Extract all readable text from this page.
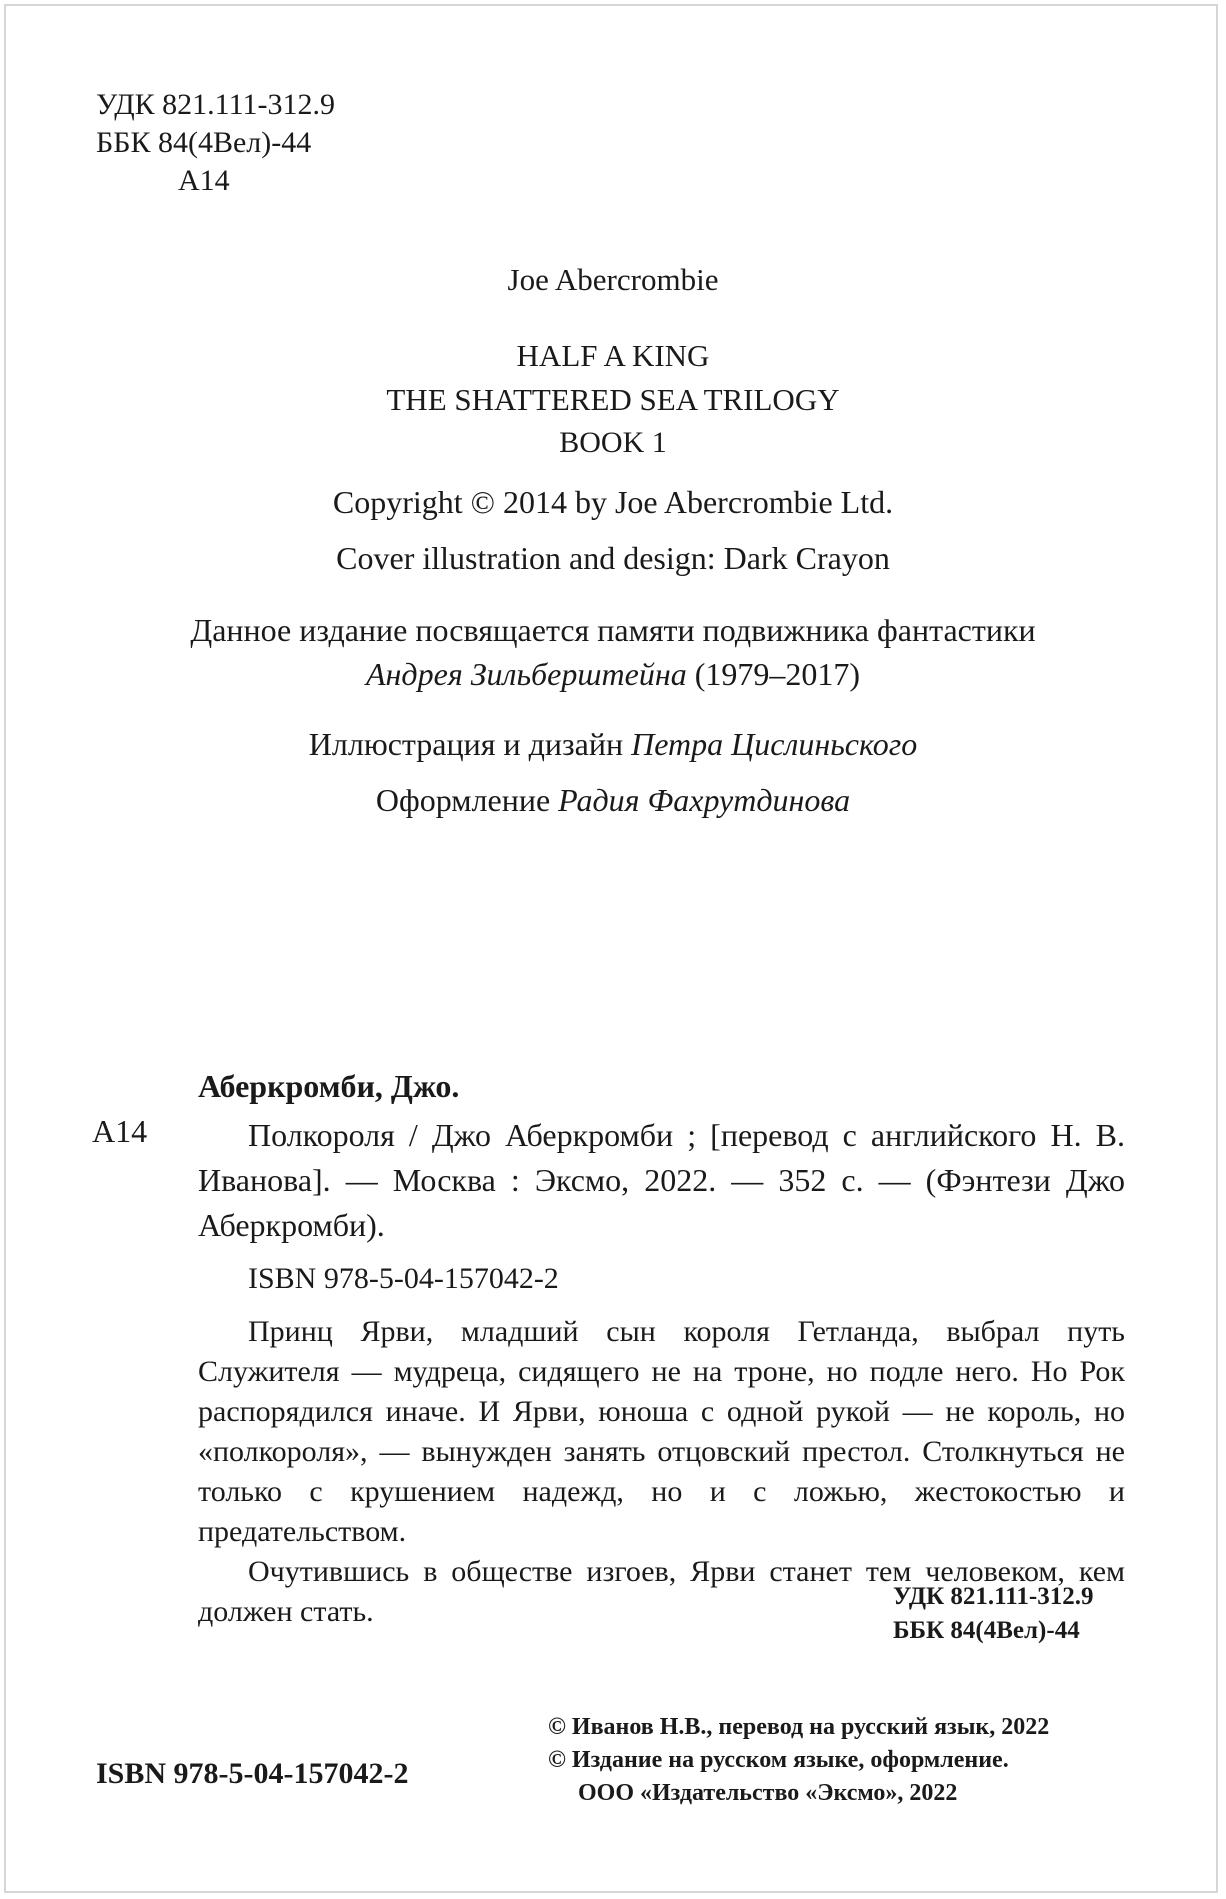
УДК 821.111-312.9
ББК 84(4Вел)-44
А14
Joe Abercrombie
HALF A KING
THE SHATTERED SEA TRILOGY
BOOK 1
Copyright © 2014 by Joe Abercrombie Ltd.
Cover illustration and design: Dark Crayon
Данное издание посвящается памяти подвижника фантастики
Андрея Зильберштейна (1979–2017)
Иллюстрация и дизайн Петра Цислиньского
Оформление Радия Фахрутдинова
Аберкромби, Джо.
А14	Полкороля / Джо Аберкромби ; [перевод с английского Н. В. Иванова]. — Москва : Эксмо, 2022. — 352 с. — (Фэнтези Джо Аберкромби).

ISBN 978-5-04-157042-2

Принц Ярви, младший сын короля Гетланда, выбрал путь Служителя — мудреца, сидящего не на троне, но подле него. Но Рок распорядился иначе. И Ярви, юноша с одной рукой — не король, но «полкороля», — вынужден занять отцовский престол. Столкнуться не только с крушением надежд, но и с ложью, жестокостью и предательством.

Очутившись в обществе изгоев, Ярви станет тем человеком, кем должен стать.	УДК 821.111-312.9
ББК 84(4Вел)-44
© Иванов Н.В., перевод на русский язык, 2022
© Издание на русском языке, оформление.
ООО «Издательство «Эксмо», 2022
ISBN 978-5-04-157042-2
